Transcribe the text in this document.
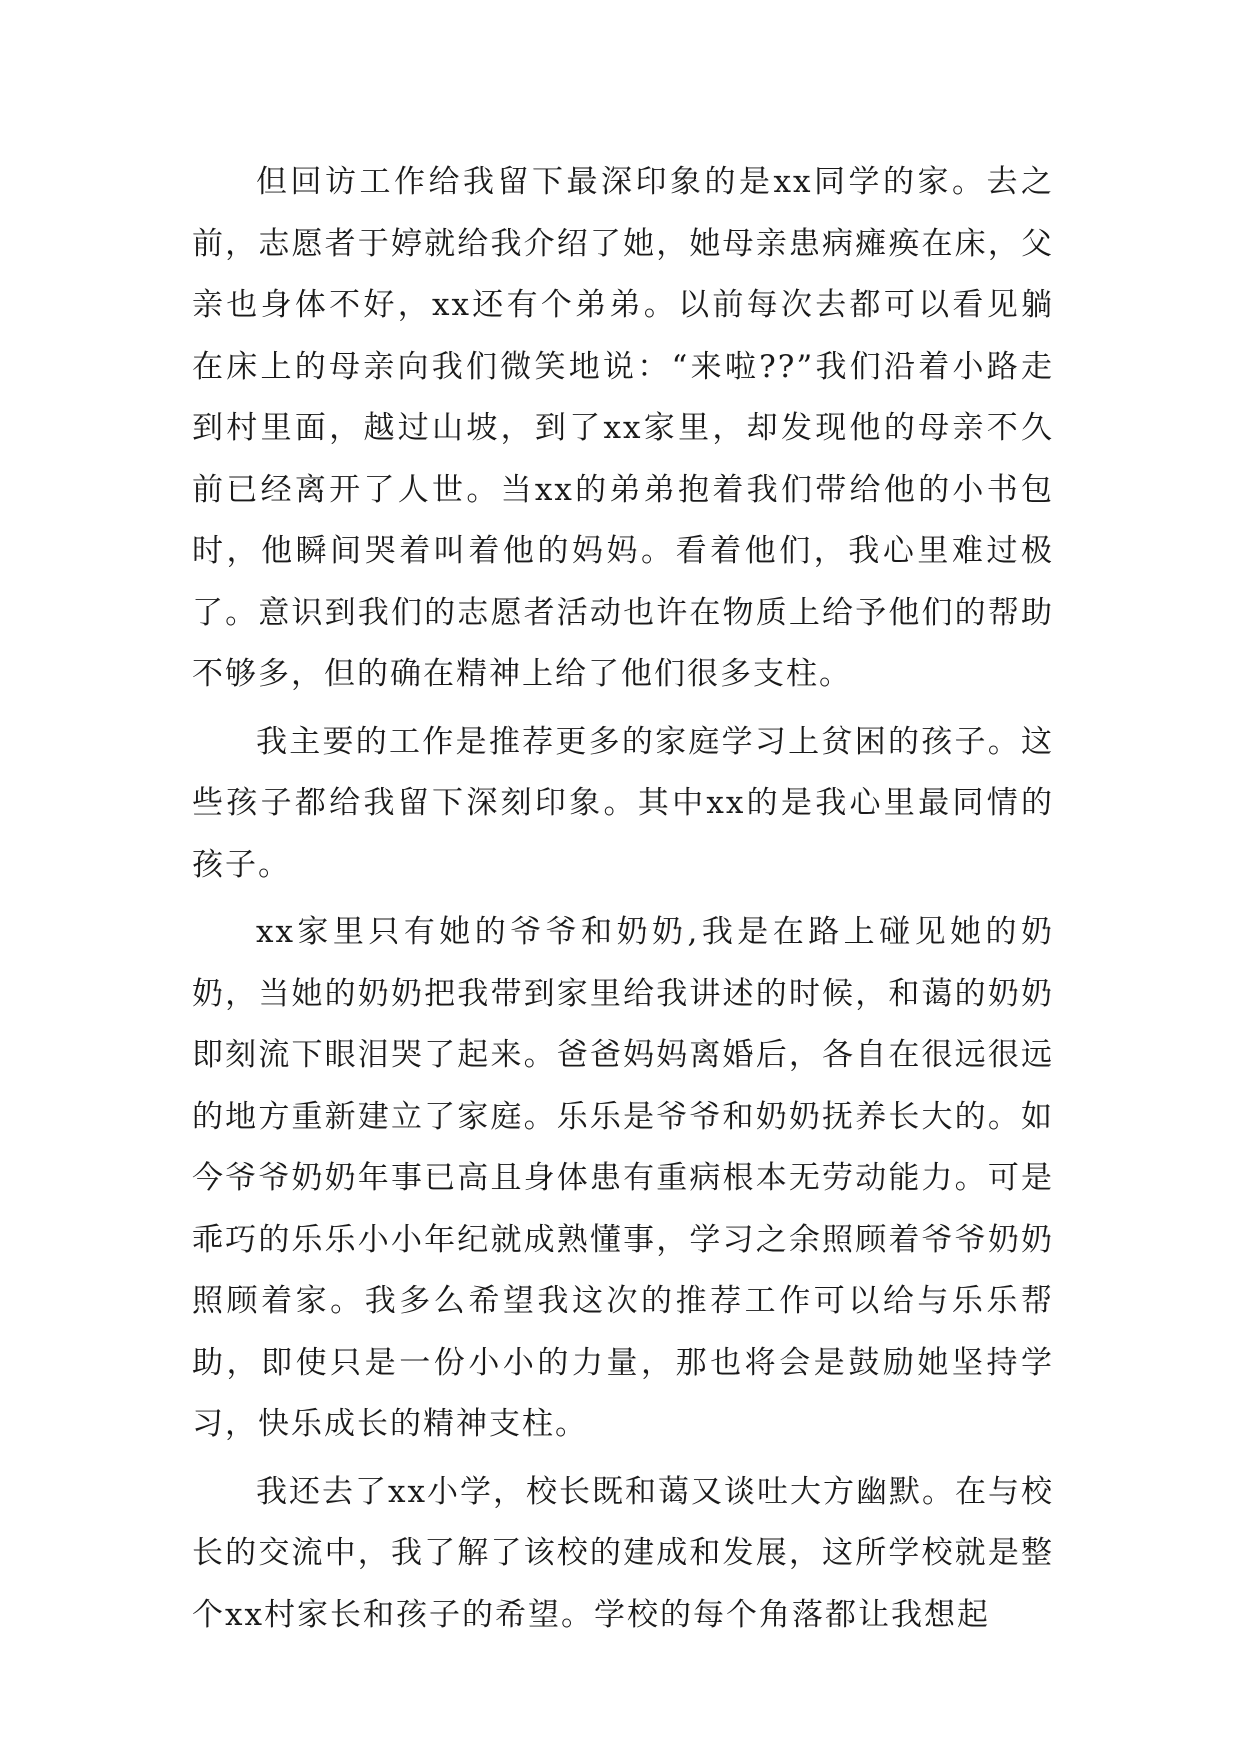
但回访工作给我留下最深印象的是xx同学的家。去之前，志愿者于婷就给我介绍了她，她母亲患病瘫痪在床，父亲也身体不好，xx还有个弟弟。以前每次去都可以看见躺在床上的母亲向我们微笑地说：“来啦??”我们沿着小路走到村里面，越过山坡，到了xx家里，却发现他的母亲不久前已经离开了人世。当xx的弟弟抱着我们带给他的小书包时，他瞬间哭着叫着他的妈妈。看着他们，我心里难过极了。意识到我们的志愿者活动也许在物质上给予他们的帮助不够多，但的确在精神上给了他们很多支柱。

我主要的工作是推荐更多的家庭学习上贫困的孩子。这些孩子都给我留下深刻印象。其中xx的是我心里最同情的孩子。

xx家里只有她的爷爷和奶奶,我是在路上碰见她的奶奶，当她的奶奶把我带到家里给我讲述的时候，和蔼的奶奶即刻流下眼泪哭了起来。爸爸妈妈离婚后，各自在很远很远的地方重新建立了家庭。乐乐是爷爷和奶奶抚养长大的。如今爷爷奶奶年事已高且身体患有重病根本无劳动能力。可是乖巧的乐乐小小年纪就成熟懂事，学习之余照顾着爷爷奶奶照顾着家。我多么希望我这次的推荐工作可以给与乐乐帮助，即使只是一份小小的力量，那也将会是鼓励她坚持学习，快乐成长的精神支柱。

我还去了xx小学，校长既和蔼又谈吐大方幽默。在与校长的交流中，我了解了该校的建成和发展，这所学校就是整个xx村家长和孩子的希望。学校的每个角落都让我想起
